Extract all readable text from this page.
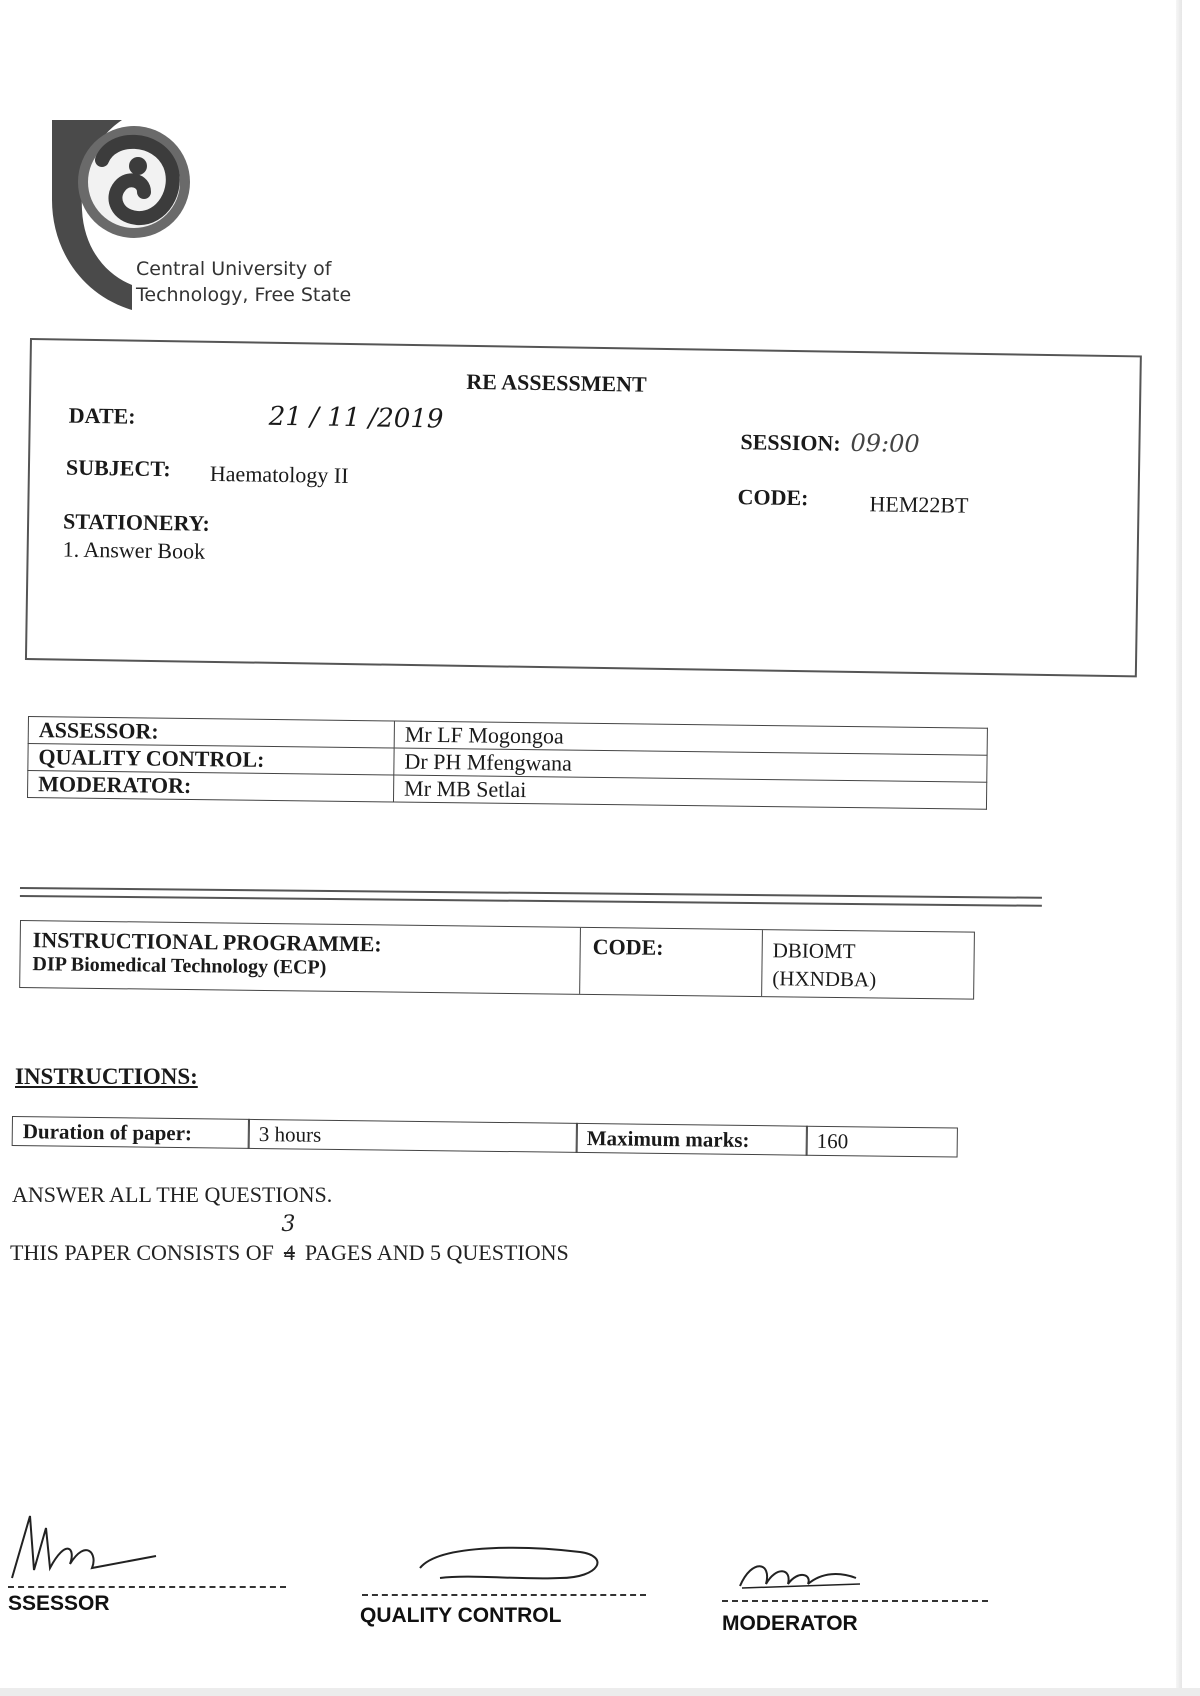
Central University of
Technology, Free State
RE ASSESSMENT
DATE:	21 / 11 /2019
SESSION: 09:00
SUBJECT: Haematology II
CODE:	HEM22BT
STATIONERY:
1. Answer Book
ASSESSOR:	Mr LF Mogongoa
QUALITY CONTROL:	Dr PH Mfengwana
MODERATOR:	Mr MB Setlai
INSTRUCTIONAL PROGRAMME:
DIP Biomedical Technology (ECP)
CODE:	DBIOMT
(HXNDBA)
INSTRUCTIONS:
Duration of paper:	3 hours	Maximum marks:	160
ANSWER ALL THE QUESTIONS.
THIS PAPER CONSISTS OF 4
3
PAGES AND 5 QUESTIONS
SSESSOR
QUALITY CONTROL	MODERATOR
